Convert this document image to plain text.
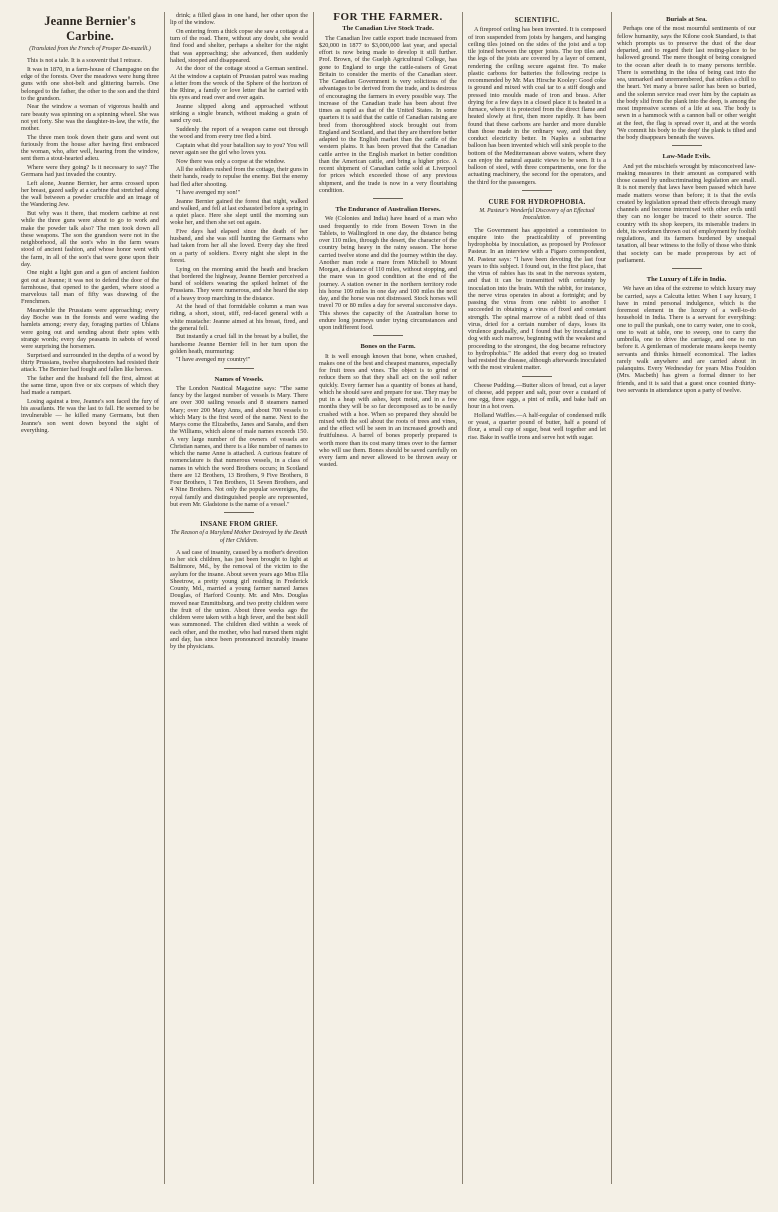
Jeanne Bernier's Carbine.
(Translated from the French of Prosper De-mazelli.)

This is not a tale. It is a souvenir that I retrace.

It was in 1870, in a farm-house of Champagne on the edge of the forests. Over the meadows were hung three guns with one shot-belt and glittering barrels. One belonged to the father, the other to the son and the third to the grandson.

Near the window a woman of vigorous health and rare beauty was spinning on a spinning wheel. She was not yet forty. She was the daughter-in-law, the wife, the mother.

The three men took down their guns and went out furiously from the house after having first embraced the woman, who, after well, hearing from the window, sent them a stout-hearted adieu.

Where were they going? Is it necessary to say? The Germans had just invaded the country.

Left alone, Jeanne Bernier, her arms crossed upon her breast, gazed sadly at a carbine that stretched along the wall between a powder crucible and an image of the Wandering Jew.

But why was it there, that modern carbine at rest while the three guns were about to go to work and make the powder talk also? The men took down all these weapons. The son the grandson were not in the neighborhood, all the son's who in the farm wears stood of ancient fashion, and whose honor went with the farm, in all of the son's that were gone upon their day.

One night a light gun and a gun of ancient fashion got out at Jeanne; it was not to defend the door of the farmhouse, that opened to the garden, where stood a marvelous tall man of fifty was drawing of the Frenchmen.

Meanwhile the Prussians were approaching; every day Boche was in the forests and were wading the hamlets among; every day, foraging parties of Uhlans were going out and sending about their spies with strange words; every day peasants in sabots of wood were surprising the horsemen.

Surprised and surrounded in the depths of a wood by thirty Prussians, twelve sharpshooters had resisted their attack. The Bernier had fought and fallen like heroes.

The father and the husband fell the first, almost at the same time, upon five or six corpses of which they had made a rampart.

Losing against a tree, Jeanne's son faced the fury of his assailants. He was the last to fall. He seemed to be invulnerable — he killed many Germans, but then Jeanne's son went down beyond the sight of everything.

drink; a filled glass in one hand, her other upon the lip of the window.

On entering from a thick copse she saw a cottage at a turn of the road. There, without any doubt, she would find food and shelter, perhaps a shelter for the night that was approaching; she advanced, then suddenly halted, stooped and disappeared.

At the door of the cottage stood a German sentinel. At the window a captain of Prussian patrol was reading a letter from the wreck of the Sphere of the horizon of the Rhine, a family or love letter that he carried with his eyes and read over and over again.

Jeanne slipped along and approached without striking a single branch, without making a grain of sand cry out.

Suddenly the report of a weapon came out through the wood and from every tree fled a bird.

Captain what did your batallion say to you? You will never again see the girl who loves you.

Now there was only a corpse at the window.

All the soldiers rushed from the cottage, their guns in their hands, ready to repulse the enemy. But the enemy had fled after shooting.

"I have avenged my son!"

Jeanne Bernier gained the forest that night, walked and walked, and fell at last exhausted before a spring in a quiet place. Here she slept until the morning sun woke her, and then she set out again.

Five days had elapsed since the death of her husband, and she was still hunting the Germans who had taken from her all she loved. Every day she fired on a party of soldiers. Every night she slept in the forest.

Lying on the morning amid the heath and bracken that bordered the highway, Jeanne Bernier perceived a band of soldiers wearing the spiked helmet of the Prussians. They were numerous, and she heard the step of a heavy troop marching in the distance.

At the head of that formidable column a man was riding, a short, stout, stiff, red-faced general with a white mustache: Jeanne aimed at his breast, fired, and the general fell.

But instantly a cruel fall in the breast by a bullet, the handsome Jeanne Bernier fell in her turn upon the golden heath, murmuring:

"I have avenged my country!"

Names of Vessels.

The London Nautical Magazine says: "The same fancy by the largest number of vessels is Mary. There are over 300 sailing vessels and 8 steamers named Mary; over 200 Mary Anns, and about 700 vessels to which Mary is the first word of the name. Next to the Marys come the Elizabeths, Janes and Sarahs, and then the Williams, which alone of male names exceeds 150. A very large number of the owners of vessels are Christian names, and there is a like number of names to which the name Anne is attached. A curious feature of nomenclature is that numerous vessels, in a class of names in which the word Brothers occurs; in Scotland there are 12 Brothers, 13 Brothers, 9 Five Brothers, 8 Four Brothers, 1 Ten Brothers, 11 Seven Brothers, and 4 Nine Brothers. Not only the popular sovereigns, the royal family and distinguished people are represented, but even Mr. Gladstone is the name of a vessel."

INSANE FROM GRIEF.
The Reason of a Maryland Mother Destroyed by the Death of Her Children.

A sad case of insanity, caused by a mother's devotion to her sick children, has just been brought to light at Baltimore, Md., by the removal of the victim to the asylum for the insane. About seven years ago Miss Ella Sheetrow, a pretty young girl residing in Frederick County, Md., married a young farmer named James Douglas, of Harford County. Mr. and Mrs. Douglas moved near Emmittsburg, and two pretty children were the fruit of the union. About three weeks ago the children were taken with a high fever, and the best skill was summoned. The children died within a week of each other, and the mother, who had nursed them night and day, has since been pronounced incurably insane by the physicians.

FOR THE FARMER.
The Canadian Live Stock Trade.

The Canadian live cattle export trade increased from $20,000 in 1877 to $3,000,000 last year, and special effort is now being made to develop it still further. Prof. Brown, of the Guelph Agricultural College, has gone to England to urge the cattle-raisers of Great Britain to consider the merits of the Canadian steer. The Canadian Government is very solicitous of the advantages to be derived from the trade, and is desirous of encouraging the farmers in every possible way. The increase of the Canadian trade has been about five times as rapid as that of the United States. In some quarters it is said that the cattle of Canadian raising are bred from thoroughbred stock brought out from England and Scotland, and that they are therefore better adapted to the English market than the cattle of the western plains. It has been proved that the Canadian cattle arrive in the English market in better condition than the American cattle, and bring a higher price. A recent shipment of Canadian cattle sold at Liverpool for prices which exceeded those of any previous shipment, and the trade is now in a very flourishing condition.

The Endurance of Australian Horses.

We (Colonies and India) have heard of a man who used frequently to ride from Bowen Town in the Tablets, to Wallingford in one day, the distance being over 110 miles, through the desert, the character of the country being heavy in the rainy season. The horse carried twelve stone and did the journey within the day. Another man rode a mare from Mitchell to Mount Morgan, a distance of 110 miles, without stopping, and the mare was in good condition at the end of the journey. A station owner in the northern territory rode his horse 109 miles in one day and 100 miles the next day, and the horse was not distressed. Stock horses will travel 70 or 80 miles a day for several successive days. This shows the capacity of the Australian horse to endure long journeys under trying circumstances and upon indifferent food.

Bones on the Farm.

It is well enough known that bone, when crushed, makes one of the best and cheapest manures, especially for fruit trees and vines. The object is to grind or reduce them so that they shall act on the soil rather quickly. Every farmer has a quantity of bones at hand, which he should save and prepare for use. They may be put in a heap with ashes, kept moist, and in a few months they will be so far decomposed as to be easily crushed with a hoe. When so prepared they should be mixed with the soil about the roots of trees and vines, and the effect will be seen in an increased growth and fruitfulness. A barrel of bones properly prepared is worth more than its cost many times over to the farmer who will use them. Bones should be saved carefully on every farm and never allowed to be thrown away or wasted.

SCIENTIFIC.

A fireproof ceiling has been invented. It is composed of iron suspended from joists by hangers, and hanging ceiling tiles joined on the sides of the joist and a top tile joined between the upper joists. The top tiles and the legs of the joists are covered by a layer of cement, rendering the ceiling secure against fire. To make plastic carbons for batteries the following recipe is recommended by Mr. Max Hirsche Kooley: Good coke is ground and mixed with coal tar to a stiff dough and pressed into moulds made of iron and brass. After drying for a few days in a closed place it is heated in a furnace, where it is protected from the direct flame and heated slowly at first, then more rapidly. It has been found that these carbons are harder and more durable than those made in the ordinary way, and that they conduct electricity better. In Naples a submarine balloon has been invented which will sink people to the bottom of the Mediterranean above waters, where they can enjoy the natural aquatic views to be seen. It is a balloon of steel, with three compartments, one for the actuating machinery, the second for the operators, and the third for the passengers.

CURE FOR HYDROPHOBIA.
M. Pasteur's Wonderful Discovery of an Effectual Inoculation.

The Government has appointed a commission to enquire into the practicability of preventing hydrophobia by inoculation, as proposed by Professor Pasteur. In an interview with a Figaro correspondent, M. Pasteur says: "I have been devoting the last four years to this subject. I found out, in the first place, that the virus of rabies has its seat in the nervous system, and that it can be transmitted with certainty by inoculation into the brain. With the rabbit, for instance, the nerve virus operates in about a fortnight; and by passing the virus from one rabbit to another I succeeded in obtaining a virus of fixed and constant strength. The spinal marrow of a rabbit dead of this virus, dried for a certain number of days, loses its virulence gradually, and I found that by inoculating a dog with such marrow, beginning with the weakest and proceeding to the strongest, the dog became refractory to hydrophobia." He added that every dog so treated had resisted the disease, although afterwards inoculated with the most virulent matter.

Cheese Pudding.—Butter slices of bread, cut a layer of cheese, add pepper and salt, pour over a custard of one egg, three eggs, a pint of milk, and bake half an hour in a hot oven.

Holland Waffles.—A half-regular of condensed milk or yeast, a quarter pound of butter, half a pound of flour, a small cup of sugar, beat well together and let rise. Bake in waffle irons and serve hot with sugar.

Burials at Sea.

Perhaps one of the most mournful sentiments of our fellow humanity, says the Kilone cook Standard, is that which prompts us to preserve the dust of the dear departed, and to regard their last resting-place to be hallowed ground. The mere thought of being consigned to the ocean after death is to many persons terrible. There is something in the idea of being cast into the sea, unmarked and unremembered, that strikes a chill to the heart. Yet many a brave sailor has been so buried, and the solemn service read over him by the captain as the body slid from the plank into the deep, is among the most impressive scenes of a life at sea. The body is sewn in a hammock with a cannon ball or other weight at the feet, the flag is spread over it, and at the words 'We commit his body to the deep' the plank is tilted and the body disappears beneath the waves.

Law-Made Evils.

And yet the mischiefs wrought by misconceived law-making measures in their amount as compared with those caused by undiscriminating legislation are small. It is not merely that laws have been passed which have made matters worse than before; it is that the evils created by legislation spread their effects through many channels and become intermixed with other evils until they can no longer be traced to their source. The country with its shop keepers, its miserable traders in debt, its workmen thrown out of employment by foolish regulations, and its farmers burdened by unequal taxation, all bear witness to the folly of those who think that society can be made prosperous by act of parliament.

The Luxury of Life in India.

We have an idea of the extreme to which luxury may be carried, says a Calcutta letter. When I say luxury, I have in mind personal indulgence, which is the foremost element in the luxury of a well-to-do household in India. There is a servant for everything: one to pull the punkah, one to carry water, one to cook, one to wait at table, one to sweep, one to carry the umbrella, one to drive the carriage, and one to run before it. A gentleman of moderate means keeps twenty servants and thinks himself economical. The ladies rarely walk anywhere and are carried about in palanquins. Every Wednesday for years Miss Fouldon (Mrs. Macbeth) has given a formal dinner to her friends, and it is said that a guest once counted thirty-two servants in attendance upon a party of twelve.
